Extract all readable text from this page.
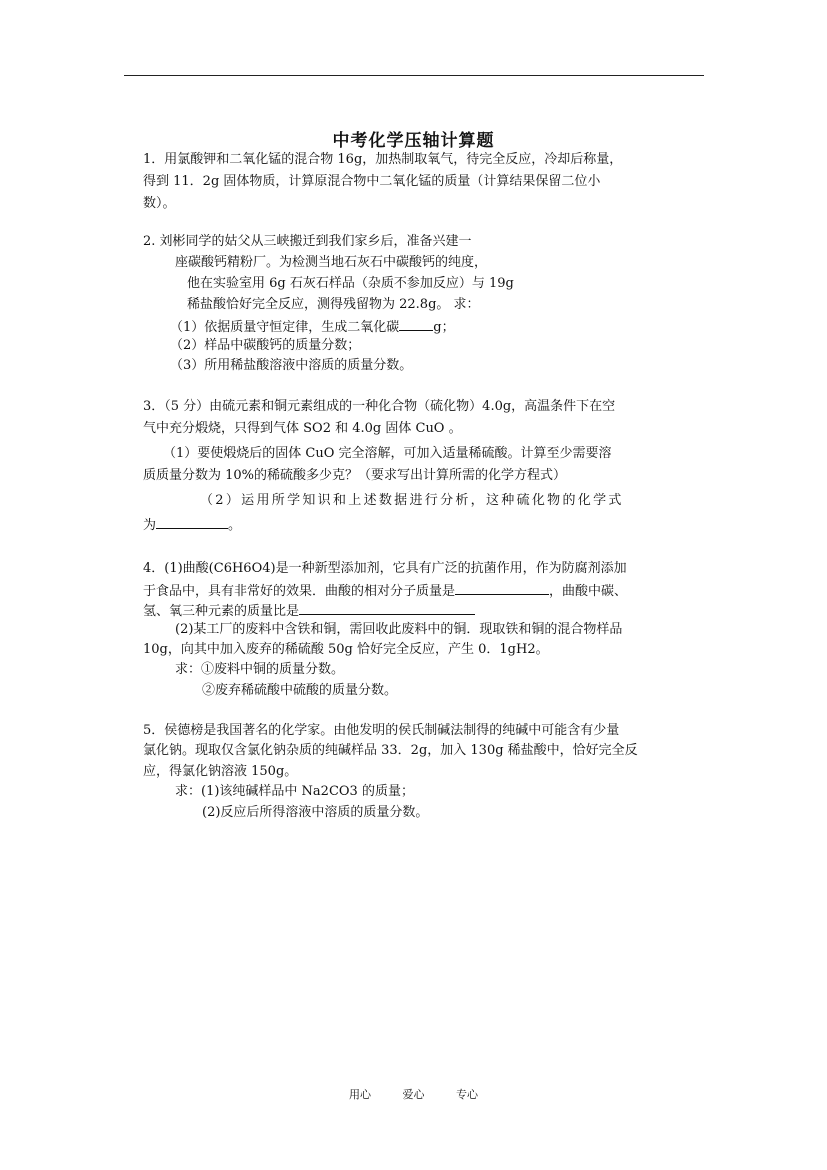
中考化学压轴计算题
1．用氯酸钾和二氧化锰的混合物 16g，加热制取氧气，待完全反应，冷却后称量，
得到 11．2g 固体物质，计算原混合物中二氧化锰的质量（计算结果保留二位小
数）。
2. 刘彬同学的姑父从三峡搬迁到我们家乡后，准备兴建一
座碳酸钙精粉厂。为检测当地石灰石中碳酸钙的纯度，
他在实验室用 6g 石灰石样品（杂质不参加反应）与 19g
稀盐酸恰好完全反应，测得残留物为 22.8g。 求：
（1）依据质量守恒定律，生成二氧化碳	g；
（2）样品中碳酸钙的质量分数；
（3）所用稀盐酸溶液中溶质的质量分数。
3．（5 分）由硫元素和铜元素组成的一种化合物（硫化物）4.0g，高温条件下在空
气中充分煅烧，只得到气体 SO2 和 4.0g 固体 CuO 。
（1）要使煅烧后的固体 CuO 完全溶解，可加入适量稀硫酸。计算至少需要溶
质质量分数为 10%的稀硫酸多少克？（要求写出计算所需的化学方程式）
（2）运用所学知识和上述数据进行分析，这种硫化物的化学式
为	。
4．(1)曲酸(C6H6O4)是一种新型添加剂，它具有广泛的抗菌作用，作为防腐剂添加
于食品中，具有非常好的效果．曲酸的相对分子质量是	，曲酸中碳、
氢、氧三种元素的质量比是
(2)某工厂的废料中含铁和铜，需回收此废料中的铜．现取铁和铜的混合物样品
10g，向其中加入废弃的稀硫酸 50g 恰好完全反应，产生 0．1gH2。
求：①废料中铜的质量分数。
②废弃稀硫酸中硫酸的质量分数。
5．侯德榜是我国著名的化学家。由他发明的侯氏制碱法制得的纯碱中可能含有少量
氯化钠。现取仅含氯化钠杂质的纯碱样品 33．2g，加入 130g 稀盐酸中，恰好完全反
应，得氯化钠溶液 150g。
求：(1)该纯碱样品中 Na2CO3 的质量；
(2)反应后所得溶液中溶质的质量分数。
用心	爱心	专心
